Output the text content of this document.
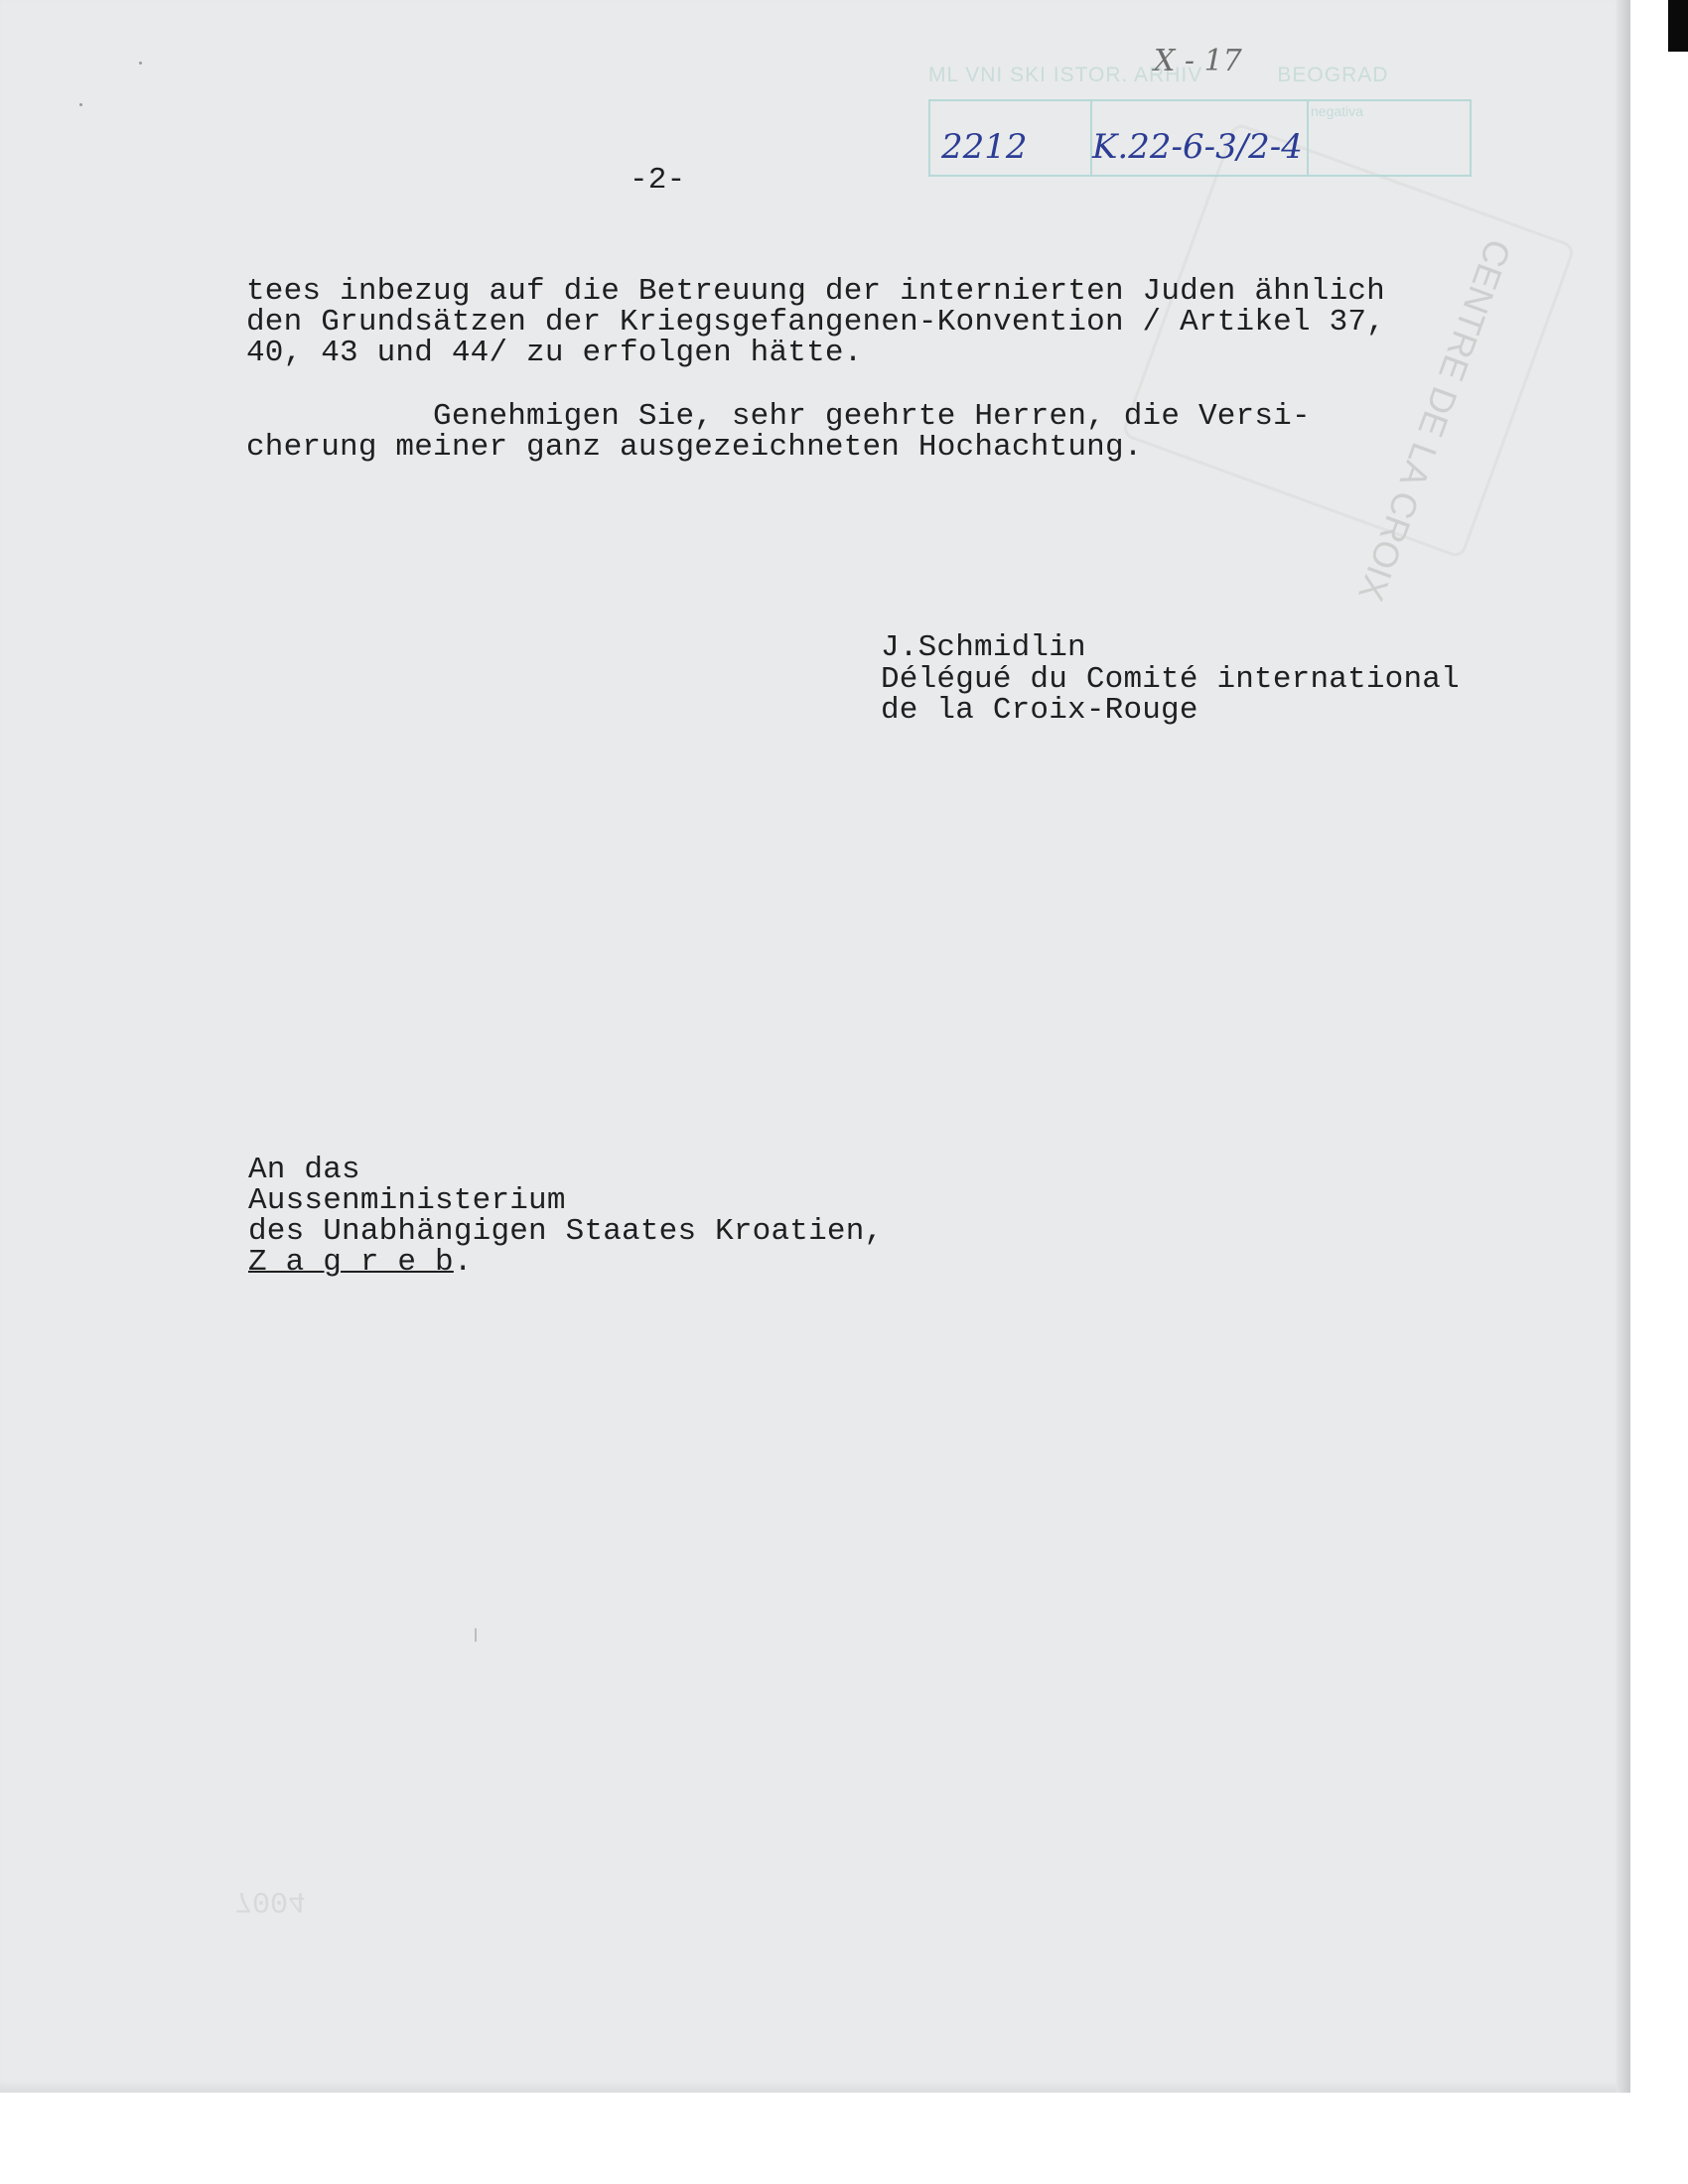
CENTRE DE LA CROIX
ML VNI SKI ISTOR. ARHIV	BEOGRAD
negativa
X - 17
2212 K.22-6-3/2-4
-2-
tees inbezug auf die Betreuung der internierten Juden ähnlich
den Grundsätzen der Kriegsgefangenen-Konvention / Artikel 37,
40, 43 und 44/ zu erfolgen hätte.
Genehmigen Sie, sehr geehrte Herren, die Versi-
cherung meiner ganz ausgezeichneten Hochachtung.
J.Schmidlin
Délégué du Comité international
de la Croix-Rouge
An das
Aussenministerium
des Unabhängigen Staates Kroatien,
Z a g r e b.
7004
